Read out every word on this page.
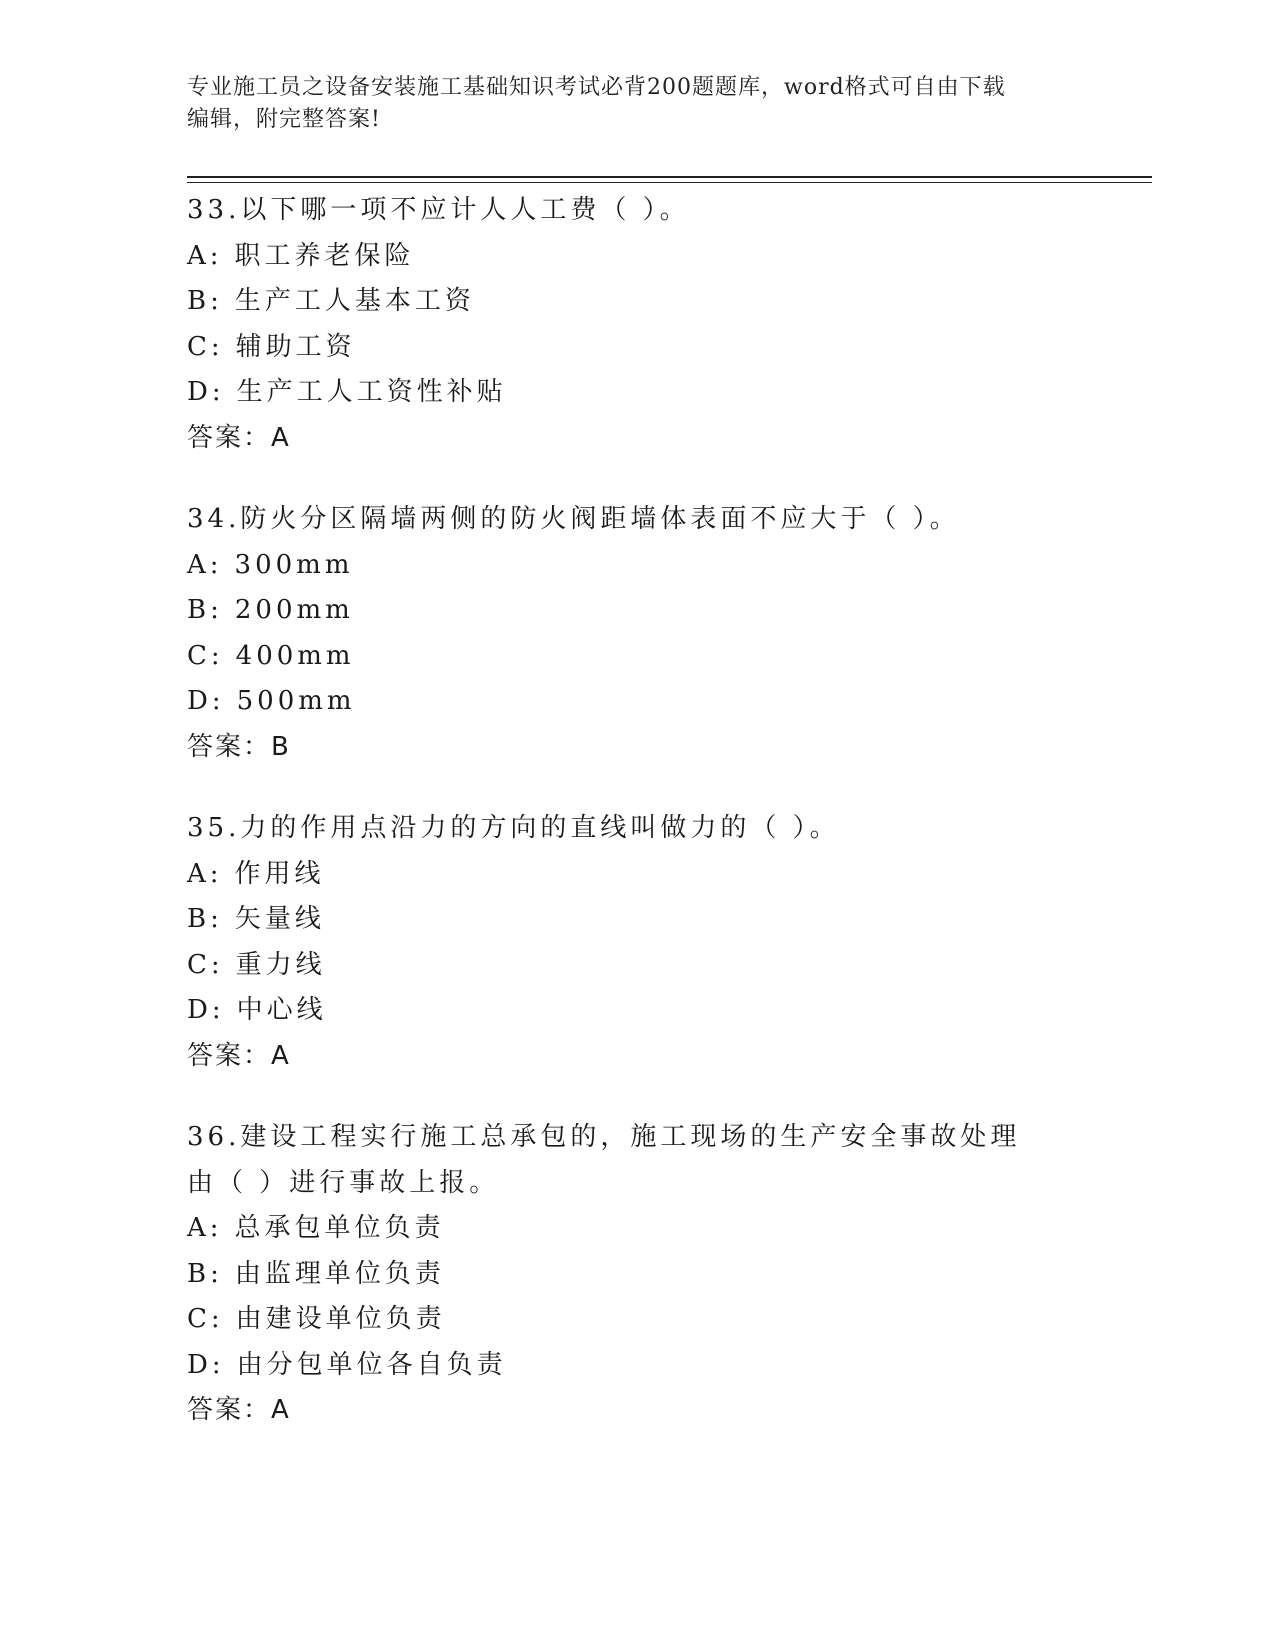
专业施工员之设备安装施工基础知识考试必背200题题库，word格式可自由下载
编辑，附完整答案!
33.以下哪一项不应计人人工费（ ）。
A: 职工养老保险
B: 生产工人基本工资
C: 辅助工资
D: 生产工人工资性补贴
答案：A
34.防火分区隔墙两侧的防火阀距墙体表面不应大于（ ）。
A: 300mm
B: 200mm
C: 400mm
D: 500mm
答案：B
35.力的作用点沿力的方向的直线叫做力的（ ）。
A: 作用线
B: 矢量线
C: 重力线
D: 中心线
答案：A
36.建设工程实行施工总承包的，施工现场的生产安全事故处理由（ ）进行事故上报。
A: 总承包单位负责
B: 由监理单位负责
C: 由建设单位负责
D: 由分包单位各自负责
答案：A
